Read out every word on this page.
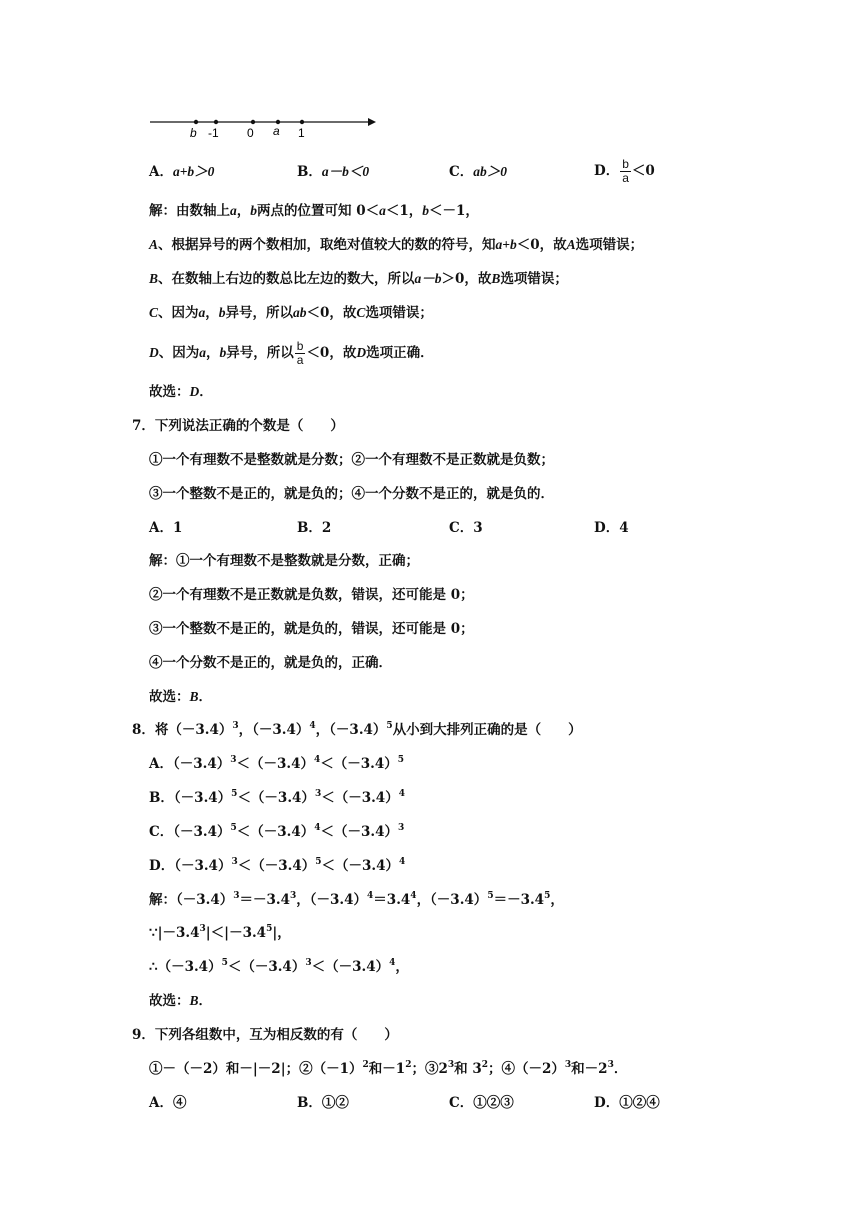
b -1 0 a 1
A．a+b＞0	B．a－b＜0	C．ab＞0	D． $\frac{b}{a} <0$
解：由数轴上a，b两点的位置可知 0＜a＜1，b＜－1，
A、根据异号的两个数相加，取绝对值较大的数的符号，知a+b＜0，故A选项错误；
B、在数轴上右边的数总比左边的数大，所以a－b＞0，故B选项错误；
C、因为a，b异号，所以ab＜0，故C选项错误；
D、因为a，b异号，所以 $\frac{b}{a} <0$，故D选项正确．
故选：D．
7．下列说法正确的个数是（　　）
①一个有理数不是整数就是分数；②一个有理数不是正数就是负数；
③一个整数不是正的，就是负的；④一个分数不是正的，就是负的．
A．1	B．2	C．3	D．4
解：①一个有理数不是整数就是分数，正确；
②一个有理数不是正数就是负数，错误，还可能是 0；
③一个整数不是正的，就是负的，错误，还可能是 0；
④一个分数不是正的，就是负的，正确．
故选：B．
8．将$(-3.4)^3$，$(-3.4)^4$，$(-3.4)^5$从小到大排列正确的是（　　）
A．$(-3.4)^3<(-3.4)^4<(-3.4)^5$
B．$(-3.4)^5<(-3.4)^3<(-3.4)^4$
C．$(-3.4)^5<(-3.4)^4<(-3.4)^3$
D．$(-3.4)^3<(-3.4)^5<(-3.4)^4$
解：$(-3.4)^3=-3.4^3$，$(-3.4)^4=3.4^4$，$(-3.4)^5=-3.4^5$，
$\because|-3.4^3|<|-3.4^5|$，
$\therefore(-3.4)^5<(-3.4)^3<(-3.4)^4$，
故选：B．
9．下列各组数中，互为相反数的有（　　）
①－（－2）和－|－2|；$②(-1)^2$和$-1^2$；$③2^3$和 $3^2$；$④(-2)^3$和$-2^3$．
A．④	B．①②	C．①②③	D．①②④
